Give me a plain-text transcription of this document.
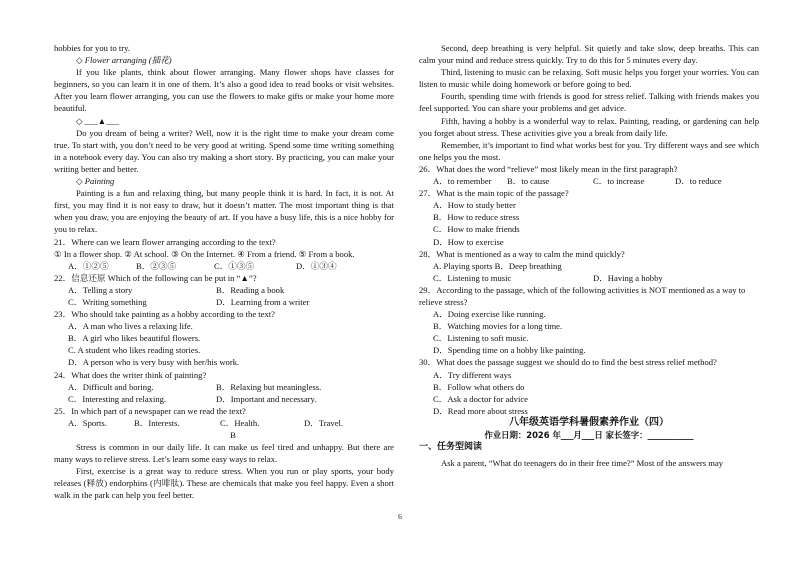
hobbies for you to try.
◇ Flower arranging (插花)
If you like plants, think about flower arranging. Many flower shops have classes for beginners, so you can learn it in one of them. It’s also a good idea to read books or visit websites. After you learn flower arranging, you can use the flowers to make gifts or make your home more beautiful.
◇ ___▲___
Do you dream of being a writer? Well, now it is the right time to make your dream come true. To start with, you don’t need to be very good at writing. Spend some time writing something in a notebook every day. You can also try making a short story. By practicing, you can make your writing better and better.
◇ Painting
Painting is a fun and relaxing thing, but many people think it is hard. In fact, it is not. At first, you may find it is not easy to draw, but it doesn’t matter. The most important thing is that when you draw, you are enjoying the beauty of art. If you have a busy life, this is a nice hobby for you to relax.
21．Where can we learn flower arranging according to the text?
① In a flower shop. ② At school. ③ On the Internet. ④ From a friend. ⑤ From a book.
A．①②⑤	B．②③⑤	C．①③⑤	D．①③④
22．信息还原 Which of the following can be put in “▲”?
A．Telling a story	B．Reading a book
C．Writing something	D．Learning from a writer
23．Who should take painting as a hobby according to the text?
A．A man who lives a relaxing life.
B．A girl who likes beautiful flowers.
C. A student who likes reading stories.
D．A person who is very busy with her/his work.
24．What does the writer think of painting?
A．Difficult and boring.	B．Relaxing but meaningless.
C．Interesting and relaxing.	D．Important and necessary.
25．In which part of a newspaper can we read the text?
A．Sports.	B．Interests.	C．Health.	D．Travel.
B
Stress is common in our daily life. It can make us feel tired and unhappy. But there are many ways to relieve stress. Let’s learn some easy ways to relax.
First, exercise is a great way to reduce stress. When you run or play sports, your body releases (释放) endorphins (内啡肽). These are chemicals that make you feel happy. Even a short walk in the park can help you feel better.
Second, deep breathing is very helpful. Sit quietly and take slow, deep breaths. This can calm your mind and reduce stress quickly. Try to do this for 5 minutes every day.
Third, listening to music can be relaxing. Soft music helps you forget your worries. You can listen to music while doing homework or before going to bed.
Fourth, spending time with friends is good for stress relief. Talking with friends makes you feel supported. You can share your problems and get advice.
Fifth, having a hobby is a wonderful way to relax. Painting, reading, or gardening can help you forget about stress. These activities give you a break from daily life.
Remember, it’s important to find what works best for you. Try different ways and see which one helps you the most.
26．What does the word “relieve” most likely mean in the first paragraph?
A．to remember	B．to cause	C．to increase	D．to reduce
27．What is the main topic of the passage?
A．How to study better
B．How to reduce stress
C．How to make friends
D．How to exercise
28．What is mentioned as a way to calm the mind quickly?
A. Playing sports B．Deep breathing
C．Listening to music	D．Having a hobby
29．According to the passage, which of the following activities is NOT mentioned as a way to relieve stress?
A．Doing exercise like running.
B．Watching movies for a long time.
C．Listening to soft music.
D．Spending time on a hobby like painting.
30．What does the passage suggest we should do to find the best stress relief method?
A．Try different ways
B．Follow what others do
C．Ask a doctor for advice
D．Read more about stress
八年级英语学科暑假素养作业（四）
作业日期：2026 年___月___日 家长签字：___________
一、任务型阅读
Ask a parent, “What do teenagers do in their free time?” Most of the answers may
6
